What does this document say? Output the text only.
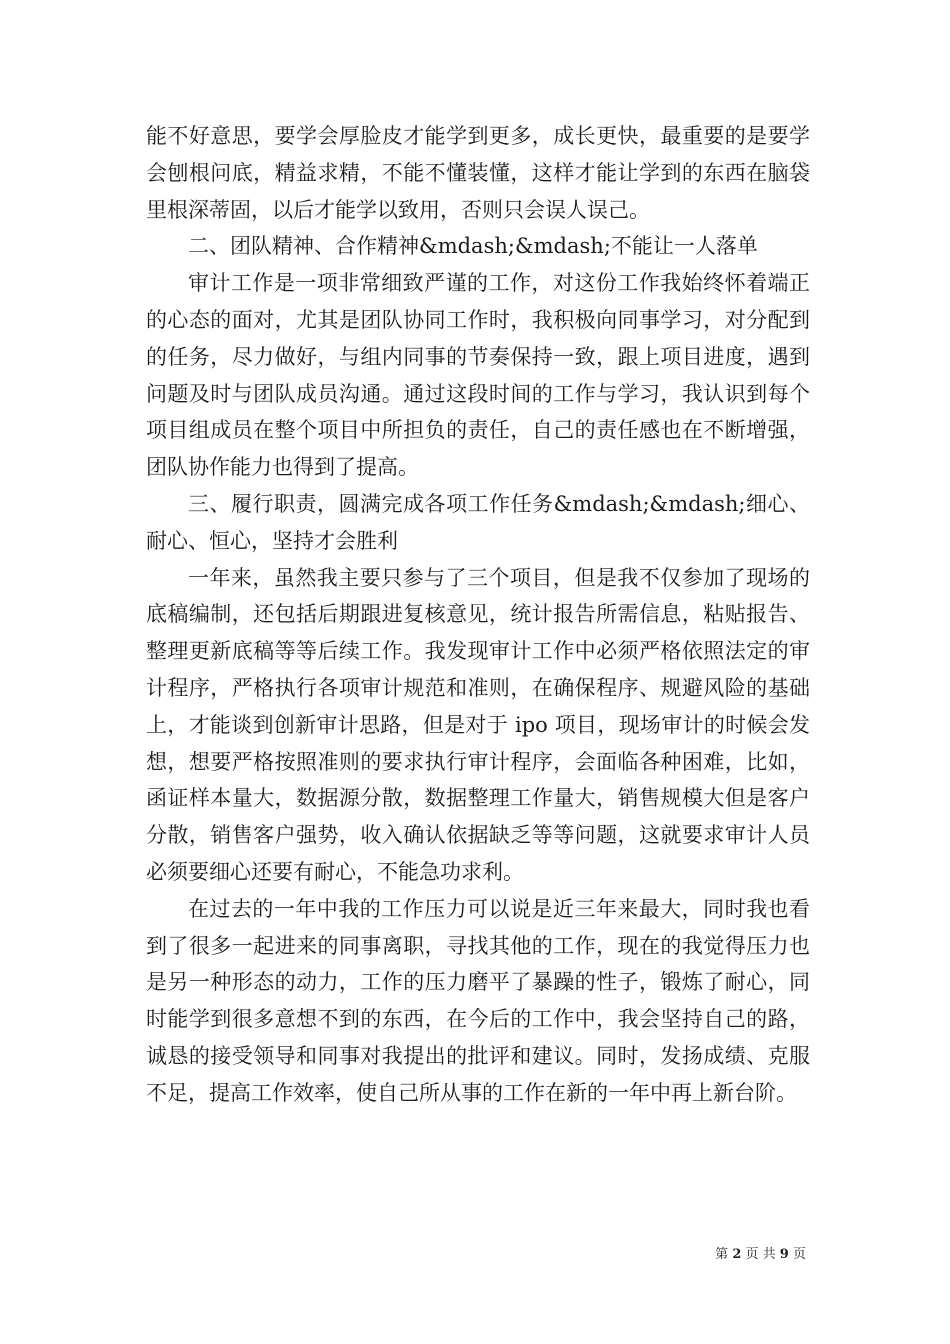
能不好意思，要学会厚脸皮才能学到更多，成长更快，最重要的是要学会刨根问底，精益求精，不能不懂装懂，这样才能让学到的东西在脑袋里根深蒂固，以后才能学以致用，否则只会误人误己。

二、团队精神、合作精神&mdash;&mdash;不能让一人落单

审计工作是一项非常细致严谨的工作，对这份工作我始终怀着端正的心态的面对，尤其是团队协同工作时，我积极向同事学习，对分配到的任务，尽力做好，与组内同事的节奏保持一致，跟上项目进度，遇到问题及时与团队成员沟通。通过这段时间的工作与学习，我认识到每个项目组成员在整个项目中所担负的责任，自己的责任感也在不断增强，团队协作能力也得到了提高。

三、履行职责，圆满完成各项工作任务&mdash;&mdash;细心、耐心、恒心，坚持才会胜利

一年来，虽然我主要只参与了三个项目，但是我不仅参加了现场的底稿编制，还包括后期跟进复核意见，统计报告所需信息，粘贴报告、整理更新底稿等等后续工作。我发现审计工作中必须严格依照法定的审计程序，严格执行各项审计规范和准则，在确保程序、规避风险的基础上，才能谈到创新审计思路，但是对于 ipo 项目，现场审计的时候会发想，想要严格按照准则的要求执行审计程序，会面临各种困难，比如，函证样本量大，数据源分散，数据整理工作量大，销售规模大但是客户分散，销售客户强势，收入确认依据缺乏等等问题，这就要求审计人员必须要细心还要有耐心，不能急功求利。

在过去的一年中我的工作压力可以说是近三年来最大，同时我也看到了很多一起进来的同事离职，寻找其他的工作，现在的我觉得压力也是另一种形态的动力，工作的压力磨平了暴躁的性子，锻炼了耐心，同时能学到很多意想不到的东西，在今后的工作中，我会坚持自己的路，诚恳的接受领导和同事对我提出的批评和建议。同时，发扬成绩、克服不足，提高工作效率，使自己所从事的工作在新的一年中再上新台阶。

第 2 页 共 9 页
